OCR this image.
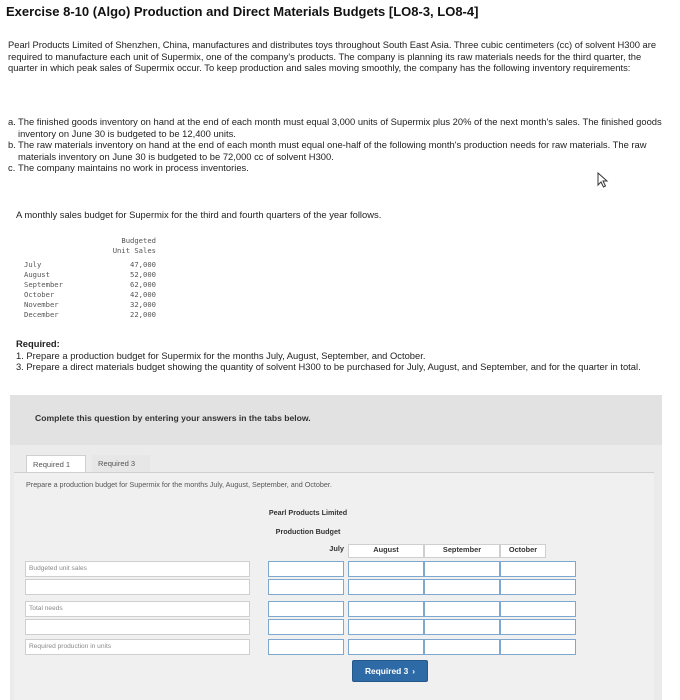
Exercise 8-10 (Algo) Production and Direct Materials Budgets [LO8-3, LO8-4]
Pearl Products Limited of Shenzhen, China, manufactures and distributes toys throughout South East Asia. Three cubic centimeters (cc) of solvent H300 are required to manufacture each unit of Supermix, one of the company's products. The company is planning its raw materials needs for the third quarter, the quarter in which peak sales of Supermix occur. To keep production and sales moving smoothly, the company has the following inventory requirements:
a. The finished goods inventory on hand at the end of each month must equal 3,000 units of Supermix plus 20% of the next month's sales. The finished goods inventory on June 30 is budgeted to be 12,400 units.
b. The raw materials inventory on hand at the end of each month must equal one-half of the following month's production needs for raw materials. The raw materials inventory on June 30 is budgeted to be 72,000 cc of solvent H300.
c. The company maintains no work in process inventories.
A monthly sales budget for Supermix for the third and fourth quarters of the year follows.
Budgeted
Unit Sales
July	47,000
August	52,000
September	62,000
October	42,000
November	32,000
December	22,000
Required:
1. Prepare a production budget for Supermix for the months July, August, September, and October.
3. Prepare a direct materials budget showing the quantity of solvent H300 to be purchased for July, August, and September, and for the quarter in total.
Complete this question by entering your answers in the tabs below.
Required 1	Required 3
Prepare a production budget for Supermix for the months July, August, September, and October.
Pearl Products Limited
Production Budget
July	August	September	October
Budgeted unit sales
Total needs
Required production in units
Required 3 ›
